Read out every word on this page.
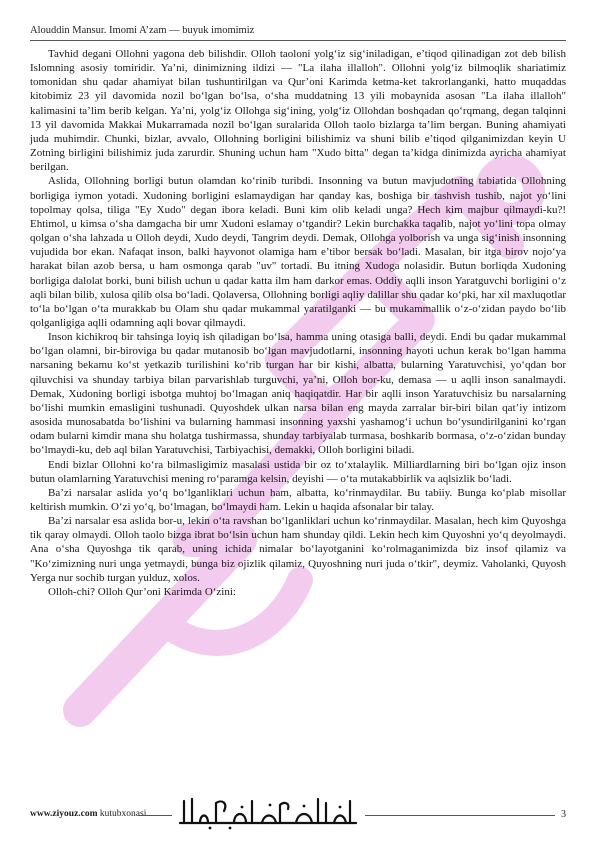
Alouddin Mansur. Imomi A’zam — buyuk imomimiz

Tavhid degani Ollohni yagona deb bilishdir. Olloh taoloni yolg‘iz sig‘iniladigan, e’tiqod qilinadigan zot deb bilish Islomning asosiy tomiridir. Ya’ni, dinimizning ildizi — "La ilaha illalloh". Ollohni yolg‘iz bilmoqlik shariatimiz tomonidan shu qadar ahamiyat bilan tushuntirilgan va Qur’oni Karimda ketma-ket takrorlanganki, hatto muqaddas kitobimiz 23 yil davomida nozil bo‘lgan bo‘lsa, o‘sha muddatning 13 yili mobaynida asosan "La ilaha illalloh" kalimasini ta’lim berib kelgan. Ya’ni, yolg‘iz Ollohga sig‘ining, yolg‘iz Ollohdan boshqadan qo‘rqmang, degan talqinni 13 yil davomida Makkai Mukarramada nozil bo‘lgan suralarida Olloh taolo bizlarga ta’lim bergan. Buning ahamiyati juda muhimdir. Chunki, bizlar, avvalo, Ollohning borligini bilishimiz va shuni bilib e’tiqod qilganimizdan keyin U Zotning birligini bilishimiz juda zarurdir. Shuning uchun ham "Xudo bitta" degan ta’kidga dinimizda ayricha ahamiyat berilgan.

Aslida, Ollohning borligi butun olamdan ko‘rinib turibdi. Insonning va butun mavjudotning tabiatida Ollohning borligiga iymon yotadi. Xudoning borligini eslamaydigan har qanday kas, boshiga bir tashvish tushib, najot yo‘lini topolmay qolsa, tiliga "Ey Xudo" degan ibora keladi. Buni kim olib keladi unga? Hech kim majbur qilmaydi-ku?! Ehtimol, u kimsa o‘sha damgacha bir umr Xudoni eslamay o‘tgandir? Lekin burchakka taqalib, najot yo‘lini topa olmay qolgan o‘sha lahzada u Olloh deydi, Xudo deydi, Tangrim deydi. Demak, Ollohga yolborish va unga sig‘inish insonning vujudida bor ekan. Nafaqat inson, balki hayvonot olamiga ham e’tibor bersak bo‘ladi. Masalan, bir itga birov nojo‘ya harakat bilan azob bersa, u ham osmonga qarab "uv" tortadi. Bu itning Xudoga nolasidir. Butun borliqda Xudoning borligiga dalolat borki, buni bilish uchun u qadar katta ilm ham darkor emas. Oddiy aqlli inson Yaratguvchi borligini o‘z aqli bilan bilib, xulosa qilib olsa bo‘ladi. Qolaversa, Ollohning borligi aqliy dalillar shu qadar ko‘pki, har xil maxluqotlar to‘la bo‘lgan o‘ta murakkab bu Olam shu qadar mukammal yaratilganki — bu mukammallik o‘z-o‘zidan paydo bo‘lib qolganligiga aqlli odamning aqli bovar qilmaydi.

Inson kichikroq bir tahsinga loyiq ish qiladigan bo‘lsa, hamma uning otasiga balli, deydi. Endi bu qadar mukammal bo‘lgan olamni, bir-biroviga bu qadar mutanosib bo‘lgan mavjudotlarni, insonning hayoti uchun kerak bo‘lgan hamma narsaning bekamu ko‘st yetkazib turilishini ko‘rib turgan har bir kishi, albatta, bularning Yaratuvchisi, yo‘qdan bor qiluvchisi va shunday tarbiya bilan parvarishlab turguvchi, ya’ni, Olloh bor-ku, demasa — u aqlli inson sanalmaydi. Demak, Xudoning borligi isbotga muhtoj bo‘lmagan aniq haqiqatdir. Har bir aqlli inson Yaratuvchisiz bu narsalarning bo‘lishi mumkin emasligini tushunadi. Quyoshdek ulkan narsa bilan eng mayda zarralar bir-biri bilan qat’iy intizom asosida munosabatda bo‘lishini va bularning hammasi insonning yaxshi yashamog‘i uchun bo‘ysundirilganini ko‘rgan odam bularni kimdir mana shu holatga tushirmassa, shunday tarbiyalab turmasa, boshkarib bormasa, o‘z-o‘zidan bunday bo‘lmaydi-ku, deb aql bilan Yaratuvchisi, Tarbiyachisi, demakki, Olloh borligini biladi.

Endi bizlar Ollohni ko‘ra bilmasligimiz masalasi ustida bir oz to‘xtalaylik. Milliardlarning biri bo‘lgan ojiz inson butun olamlarning Yaratuvchisi mening ro‘paramga kelsin, deyishi — o‘ta mutakabbirlik va aqlsizlik bo‘ladi.

Ba’zi narsalar aslida yo‘q bo‘lganliklari uchun ham, albatta, ko‘rinmaydilar. Bu tabiiy. Bunga ko‘plab misollar keltirish mumkin. O‘zi yo‘q, bo‘lmagan, bo‘lmaydi ham. Lekin u haqida afsonalar bir talay.

Ba’zi narsalar esa aslida bor-u, lekin o‘ta ravshan bo‘lganliklari uchun ko‘rinmaydilar. Masalan, hech kim Quyoshga tik qaray olmaydi. Olloh taolo bizga ibrat bo‘lsin uchun ham shunday qildi. Lekin hech kim Quyoshni yo‘q deyolmaydi. Ana o‘sha Quyoshga tik qarab, uning ichida nimalar bo‘layotganini ko‘rolmaganimizda biz insof qilamiz va "Ko‘zimizning nuri unga yetmaydi, bunga biz ojizlik qilamiz, Quyoshning nuri juda o‘tkir", deymiz. Vaholanki, Quyosh Yerga nur sochib turgan yulduz, xolos.

Olloh-chi? Olloh Qur’oni Karimda O‘zini:

www.ziyouz.com kutubxonasi	3
